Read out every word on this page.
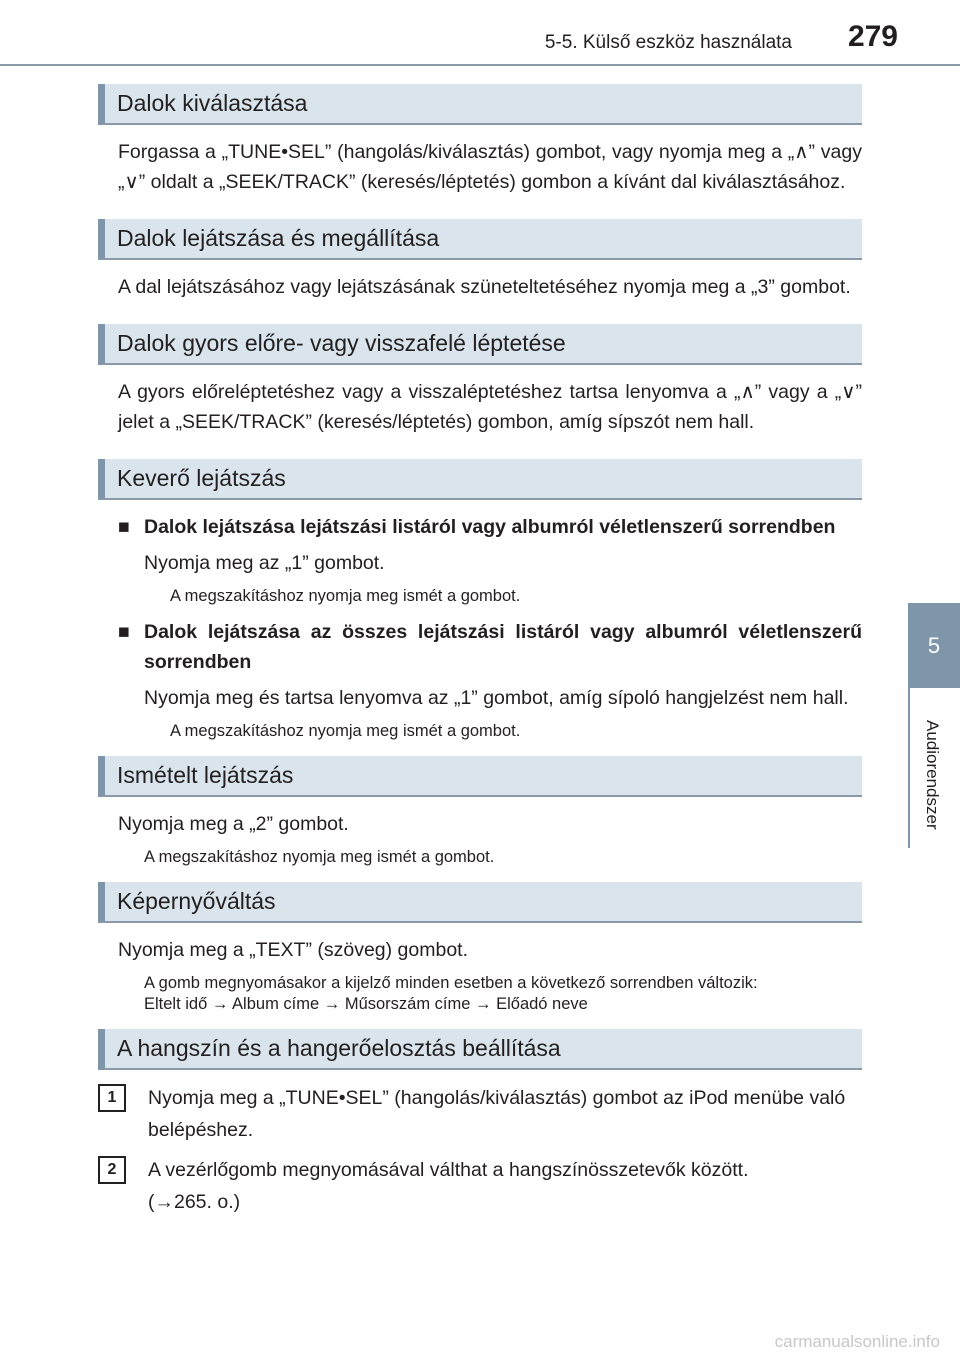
5-5. Külső eszköz használata 279
5
Audiorendszer
Dalok kiválasztása

Forgassa a „TUNE•SEL” (hangolás/kiválasztás) gombot, vagy nyomja meg a „∧” vagy „∨” oldalt a „SEEK/TRACK” (keresés/léptetés) gombon a kívánt dal kiválasztásához.

Dalok lejátszása és megállítása

A dal lejátszásához vagy lejátszásának szüneteltetéséhez nyomja meg a „3” gombot.

Dalok gyors előre- vagy visszafelé léptetése

A gyors előreléptetéshez vagy a visszaléptetéshez tartsa lenyomva a „∧” vagy a „∨” jelet a „SEEK/TRACK” (keresés/léptetés) gombon, amíg sípszót nem hall.

Keverő lejátszás
■ Dalok lejátszása lejátszási listáról vagy albumról véletlenszerű sorrendben

Nyomja meg az „1” gombot.

A megszakításhoz nyomja meg ismét a gombot.

■ Dalok lejátszása az összes lejátszási listáról vagy albumról véletlenszerű sorrendben

Nyomja meg és tartsa lenyomva az „1” gombot, amíg sípoló hangjelzést nem hall.

A megszakításhoz nyomja meg ismét a gombot.

Ismételt lejátszás

Nyomja meg a „2” gombot.

A megszakításhoz nyomja meg ismét a gombot.

Képernyőváltás

Nyomja meg a „TEXT” (szöveg) gombot.

A gomb megnyomásakor a kijelző minden esetben a következő sorrendben változik:
Eltelt idő → Album címe → Műsorszám címe → Előadó neve
A hangszín és a hangerőelosztás beállítása
1	Nyomja meg a „TUNE•SEL” (hangolás/kiválasztás) gombot az iPod menübe való belépéshez.
2	A vezérlőgomb megnyomásával válthat a hangszínösszetevők között.
(→265. o.)
carmanualsonline.info
